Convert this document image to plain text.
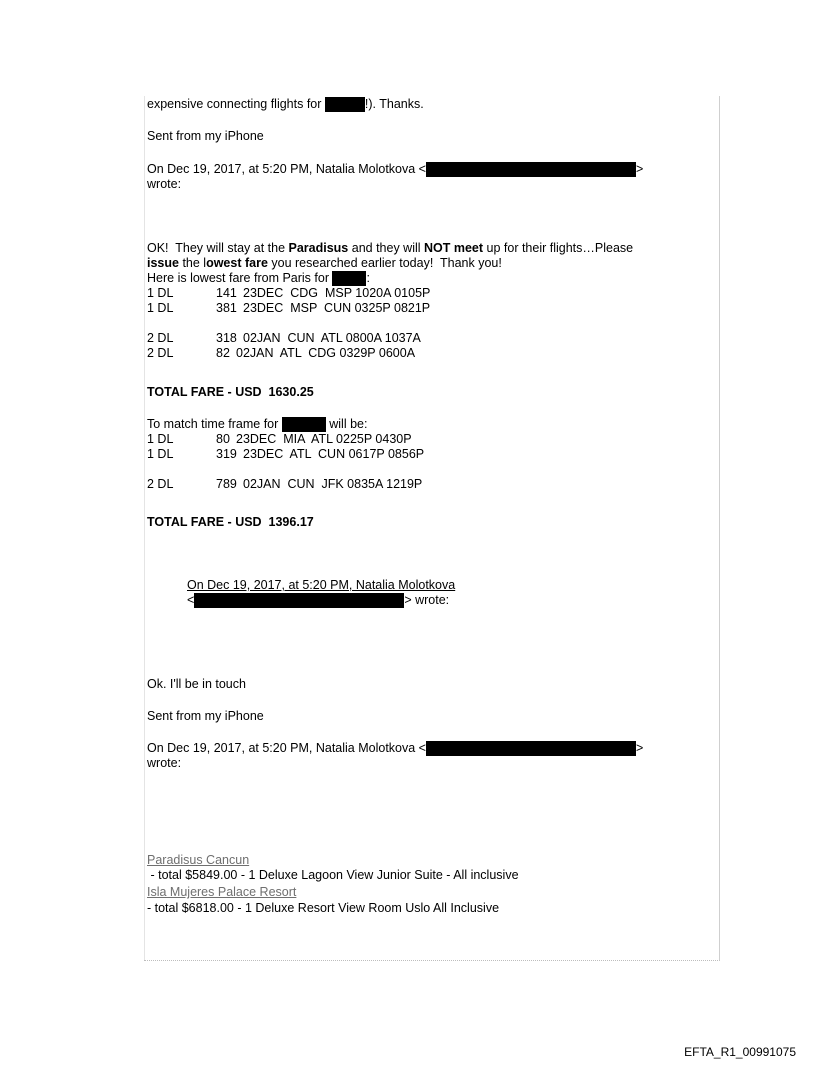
expensive connecting flights for	!). Thanks.
Sent from my iPhone
On Dec 19, 2017, at 5:20 PM, Natalia Molotkova <	>
wrote:
OK!  They will stay at the Paradisus and they will NOT meet up for their flights…Please
issue the lowest fare you researched earlier today!  Thank you!
Here is lowest fare from Paris for	:
1 DL	141 23DEC  CDG  MSP 1020A 0105P
1 DL	381 23DEC  MSP  CUN 0325P 0821P
2 DL	318 02JAN  CUN  ATL 0800A 1037A
2 DL	82 02JAN  ATL  CDG 0329P 0600A
TOTAL FARE - USD  1630.25
To match time frame for	will be:
1 DL	80 23DEC  MIA  ATL 0225P 0430P
1 DL	319 23DEC  ATL  CUN 0617P 0856P
2 DL	789 02JAN  CUN  JFK 0835A 1219P
TOTAL FARE - USD  1396.17
On Dec 19, 2017, at 5:20 PM, Natalia Molotkova
<	> wrote:
Ok. I'll be in touch
Sent from my iPhone
On Dec 19, 2017, at 5:20 PM, Natalia Molotkova <	>
wrote:
Paradisus Cancun
- total $5849.00 - 1 Deluxe Lagoon View Junior Suite - All inclusive
Isla Mujeres Palace Resort
- total $6818.00 - 1 Deluxe Resort View Room Uslo All Inclusive
EFTA_R1_00991075
